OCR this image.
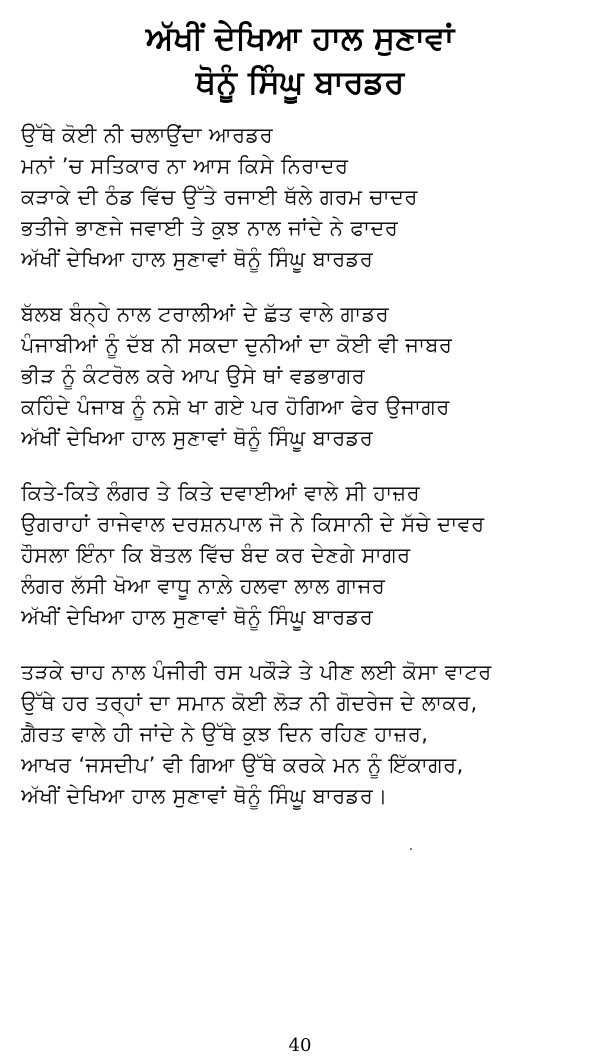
ਅੱਖੀਂ ਦੇਖਿਆ ਹਾਲ ਸੁਣਾਵਾਂ
ਥੋਨੂੰ ਸਿੰਘੂ ਬਾਰਡਰ
ਉੱਥੇ ਕੋਈ ਨੀ ਚਲਾਉਂਦਾ ਆਰਡਰ
ਮਨਾਂ ’ਚ ਸਤਿਕਾਰ ਨਾ ਆਸ ਕਿਸੇ ਨਿਰਾਦਰ
ਕੜਾਕੇ ਦੀ ਠੰਡ ਵਿੱਚ ਉੱਤੇ ਰਜਾਈ ਥੱਲੇ ਗਰਮ ਚਾਦਰ
ਭਤੀਜੇ ਭਾਣਜੇ ਜਵਾਈ ਤੇ ਕੁਝ ਨਾਲ ਜਾਂਦੇ ਨੇ ਫਾਦਰ
ਅੱਖੀਂ ਦੇਖਿਆ ਹਾਲ ਸੁਣਾਵਾਂ ਥੋਨੂੰ ਸਿੰਘੂ ਬਾਰਡਰ
ਬੱਲਬ ਬੰਨ੍ਹੇ ਨਾਲ ਟਰਾਲੀਆਂ ਦੇ ਛੱਤ ਵਾਲੇ ਗਾਡਰ
ਪੰਜਾਬੀਆਂ ਨੂੰ ਦੱਬ ਨੀ ਸਕਦਾ ਦੁਨੀਆਂ ਦਾ ਕੋਈ ਵੀ ਜਾਬਰ
ਭੀੜ ਨੂੰ ਕੰਟਰੋਲ ਕਰੇ ਆਪ ਉਸੇ ਥਾਂ ਵਡਭਾਗਰ
ਕਹਿੰਦੇ ਪੰਜਾਬ ਨੂੰ ਨਸ਼ੇ ਖਾ ਗਏ ਪਰ ਹੋਗਿਆ ਫੇਰ ਉਜਾਗਰ
ਅੱਖੀਂ ਦੇਖਿਆ ਹਾਲ ਸੁਣਾਵਾਂ ਥੋਨੂੰ ਸਿੰਘੂ ਬਾਰਡਰ
ਕਿਤੇ-ਕਿਤੇ ਲੰਗਰ ਤੇ ਕਿਤੇ ਦਵਾਈਆਂ ਵਾਲੇ ਸੀ ਹਾਜ਼ਰ
ਉਗਰਾਹਾਂ ਰਾਜੇਵਾਲ ਦਰਸ਼ਨਪਾਲ ਜੋ ਨੇ ਕਿਸਾਨੀ ਦੇ ਸੱਚੇ ਦਾਵਰ
ਹੌਸਲਾ ਇੰਨਾ ਕਿ ਬੋਤਲ ਵਿੱਚ ਬੰਦ ਕਰ ਦੇਣਗੇ ਸਾਗਰ
ਲੰਗਰ ਲੱਸੀ ਖੋਆ ਵਾਧੂ ਨਾਲ਼ੇ ਹਲਵਾ ਲਾਲ ਗਾਜਰ
ਅੱਖੀਂ ਦੇਖਿਆ ਹਾਲ ਸੁਣਾਵਾਂ ਥੋਨੂੰ ਸਿੰਘੂ ਬਾਰਡਰ
ਤੜਕੇ ਚਾਹ ਨਾਲ ਪੰਜੀਰੀ ਰਸ ਪਕੌੜੇ ਤੇ ਪੀਣ ਲਈ ਕੋਸਾ ਵਾਟਰ
ਉੱਥੇ ਹਰ ਤਰ੍ਹਾਂ ਦਾ ਸਮਾਨ ਕੋਈ ਲੋੜ ਨੀ ਗੋਦਰੇਜ ਦੇ ਲਾਕਰ,
ਗ਼ੈਰਤ ਵਾਲੇ ਹੀ ਜਾਂਦੇ ਨੇ ਉੱਥੇ ਕੁਝ ਦਿਨ ਰਹਿਣ ਹਾਜ਼ਰ,
ਆਖਰ ‘ਜਸਦੀਪ’ ਵੀ ਗਿਆ ਉੱਥੇ ਕਰਕੇ ਮਨ ਨੂੰ ਇੱਕਾਗਰ,
ਅੱਖੀਂ ਦੇਖਿਆ ਹਾਲ ਸੁਣਾਵਾਂ ਥੋਨੂੰ ਸਿੰਘੂ ਬਾਰਡਰ।
40
